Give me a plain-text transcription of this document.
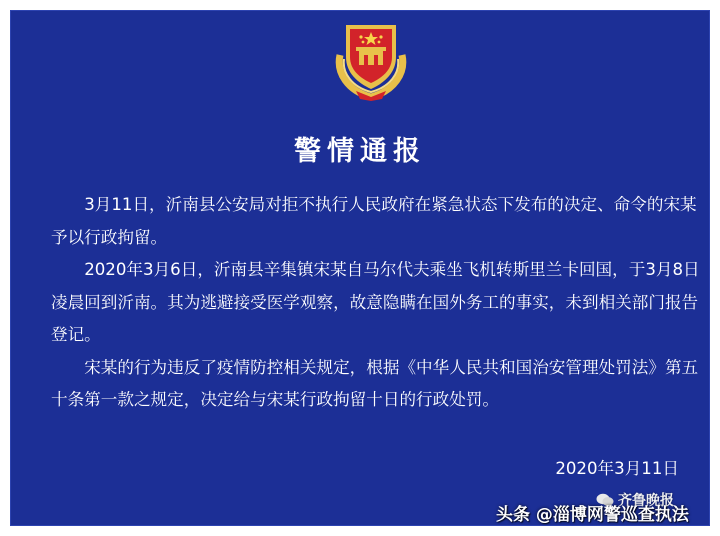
警情通报

3月11日，沂南县公安局对拒不执行人民政府在紧急状态下发布的决定、命令的宋某予以行政拘留。

2020年3月6日，沂南县辛集镇宋某自马尔代夫乘坐飞机转斯里兰卡回国，于3月8日凌晨回到沂南。其为逃避接受医学观察，故意隐瞒在国外务工的事实，未到相关部门报告登记。

宋某的行为违反了疫情防控相关规定，根据《中华人民共和国治安管理处罚法》第五十条第一款之规定，决定给与宋某行政拘留十日的行政处罚。

2020年3月11日
齐鲁晚报
头条 @淄博网警巡查执法
